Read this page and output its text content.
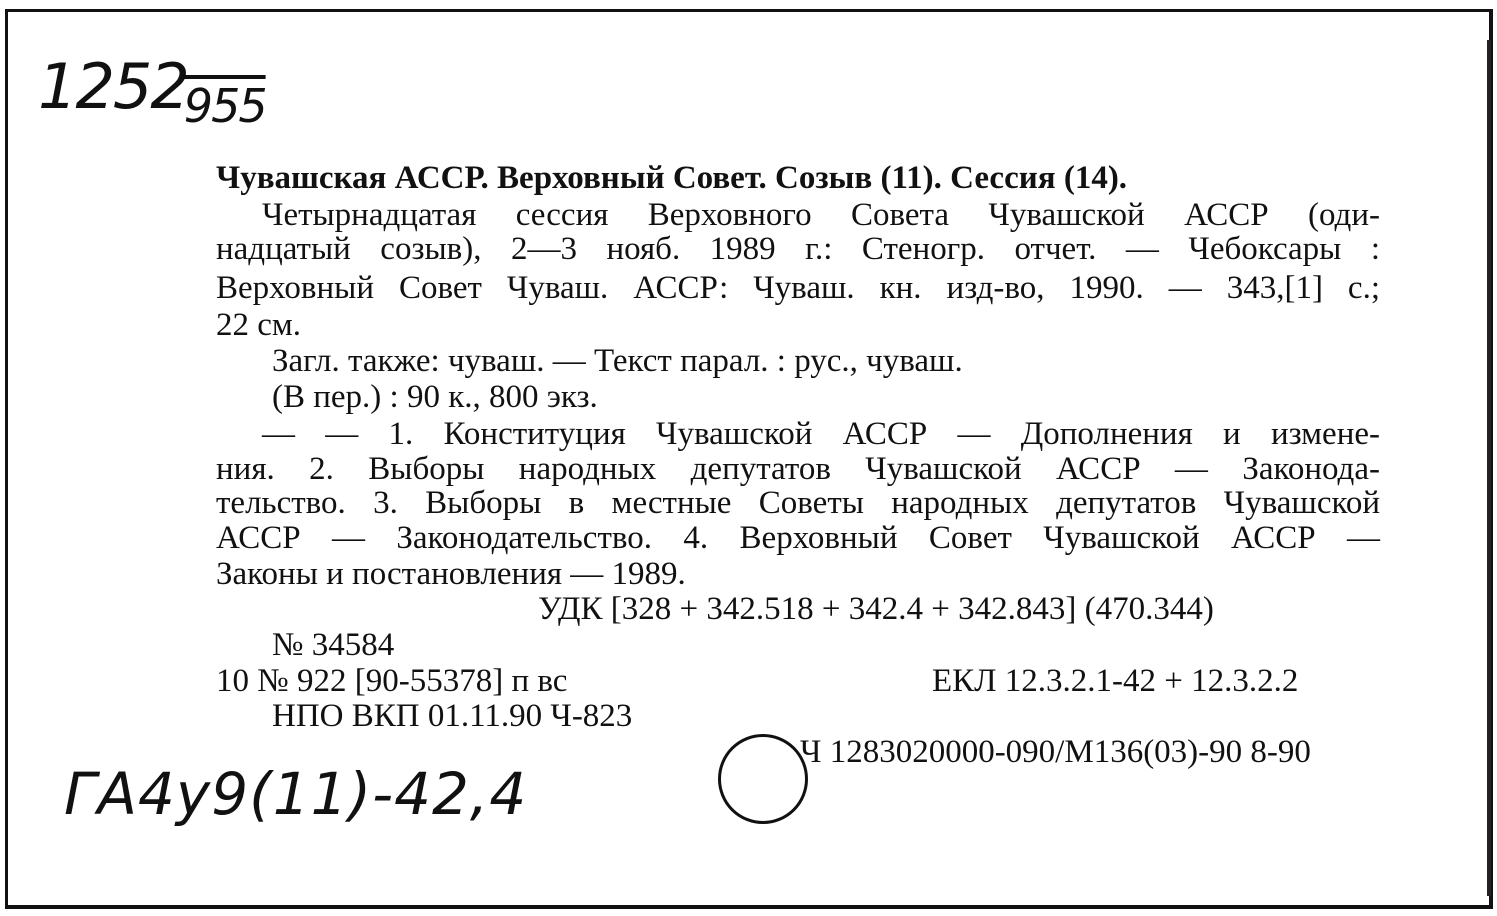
$1252_{955}$
Чувашская АССР. Верховный Совет. Созыв (11). Сессия (14).
Четырнадцатая сессия Верховного Совета Чувашской АССР (оди-
надцатый созыв), 2—3 нояб. 1989 г.: Стеногр. отчет. — Чебоксары :
Верховный Совет Чуваш. АССР: Чуваш. кн. изд-во, 1990. — 343,[1] с.;
22 см.
Загл. также: чуваш. — Текст парал. : рус., чуваш.
(В пер.) : 90 к., 800 экз.
— — 1. Конституция Чувашской АССР — Дополнения и измене-
ния. 2. Выборы народных депутатов Чувашской АССР — Законода-
тельство. 3. Выборы в местные Советы народных депутатов Чувашской
АССР — Законодательство. 4. Верховный Совет Чувашской АССР —
Законы и постановления — 1989.
УДК [328 + 342.518 + 342.4 + 342.843] (470.344)
№ 34584
10 № 922 [90-55378] п вс	ЕКЛ 12.3.2.1-42 + 12.3.2.2
НПО ВКП 01.11.90 Ч-823
Ч 1283020000-090/М136(03)-90 8-90
ГА4у9(11)-42,4
